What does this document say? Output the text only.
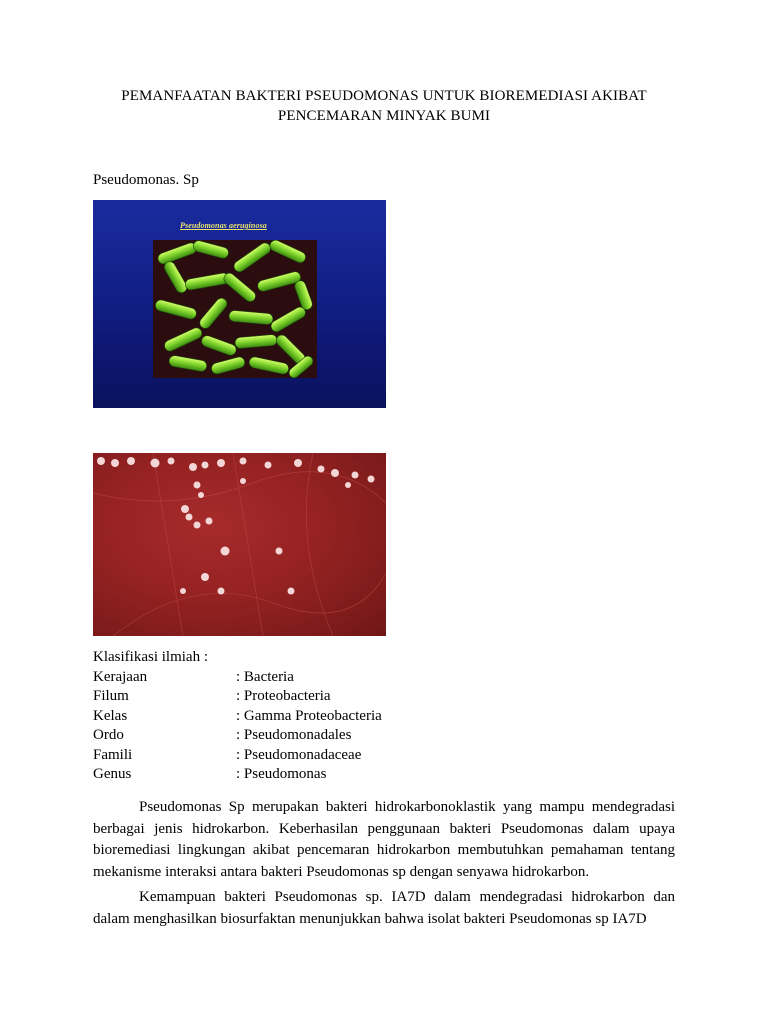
PEMANFAATAN BAKTERI PSEUDOMONAS UNTUK BIOREMEDIASI AKIBAT
PENCEMARAN MINYAK BUMI
Pseudomonas. Sp
Pseudomonas aeruginosa
Klasifikasi ilmiah :
Kerajaan	: Bacteria
Filum	: Proteobacteria
Kelas	: Gamma Proteobacteria
Ordo	: Pseudomonadales
Famili	: Pseudomonadaceae
Genus	: Pseudomonas

Pseudomonas Sp merupakan bakteri hidrokarbonoklastik yang mampu mendegradasi berbagai jenis hidrokarbon. Keberhasilan penggunaan bakteri Pseudomonas dalam upaya bioremediasi lingkungan akibat pencemaran hidrokarbon membutuhkan pemahaman tentang mekanisme interaksi antara bakteri Pseudomonas sp dengan senyawa hidrokarbon.

Kemampuan bakteri Pseudomonas sp. IA7D dalam mendegradasi hidrokarbon dan dalam menghasilkan biosurfaktan menunjukkan bahwa isolat bakteri Pseudomonas sp IA7D
